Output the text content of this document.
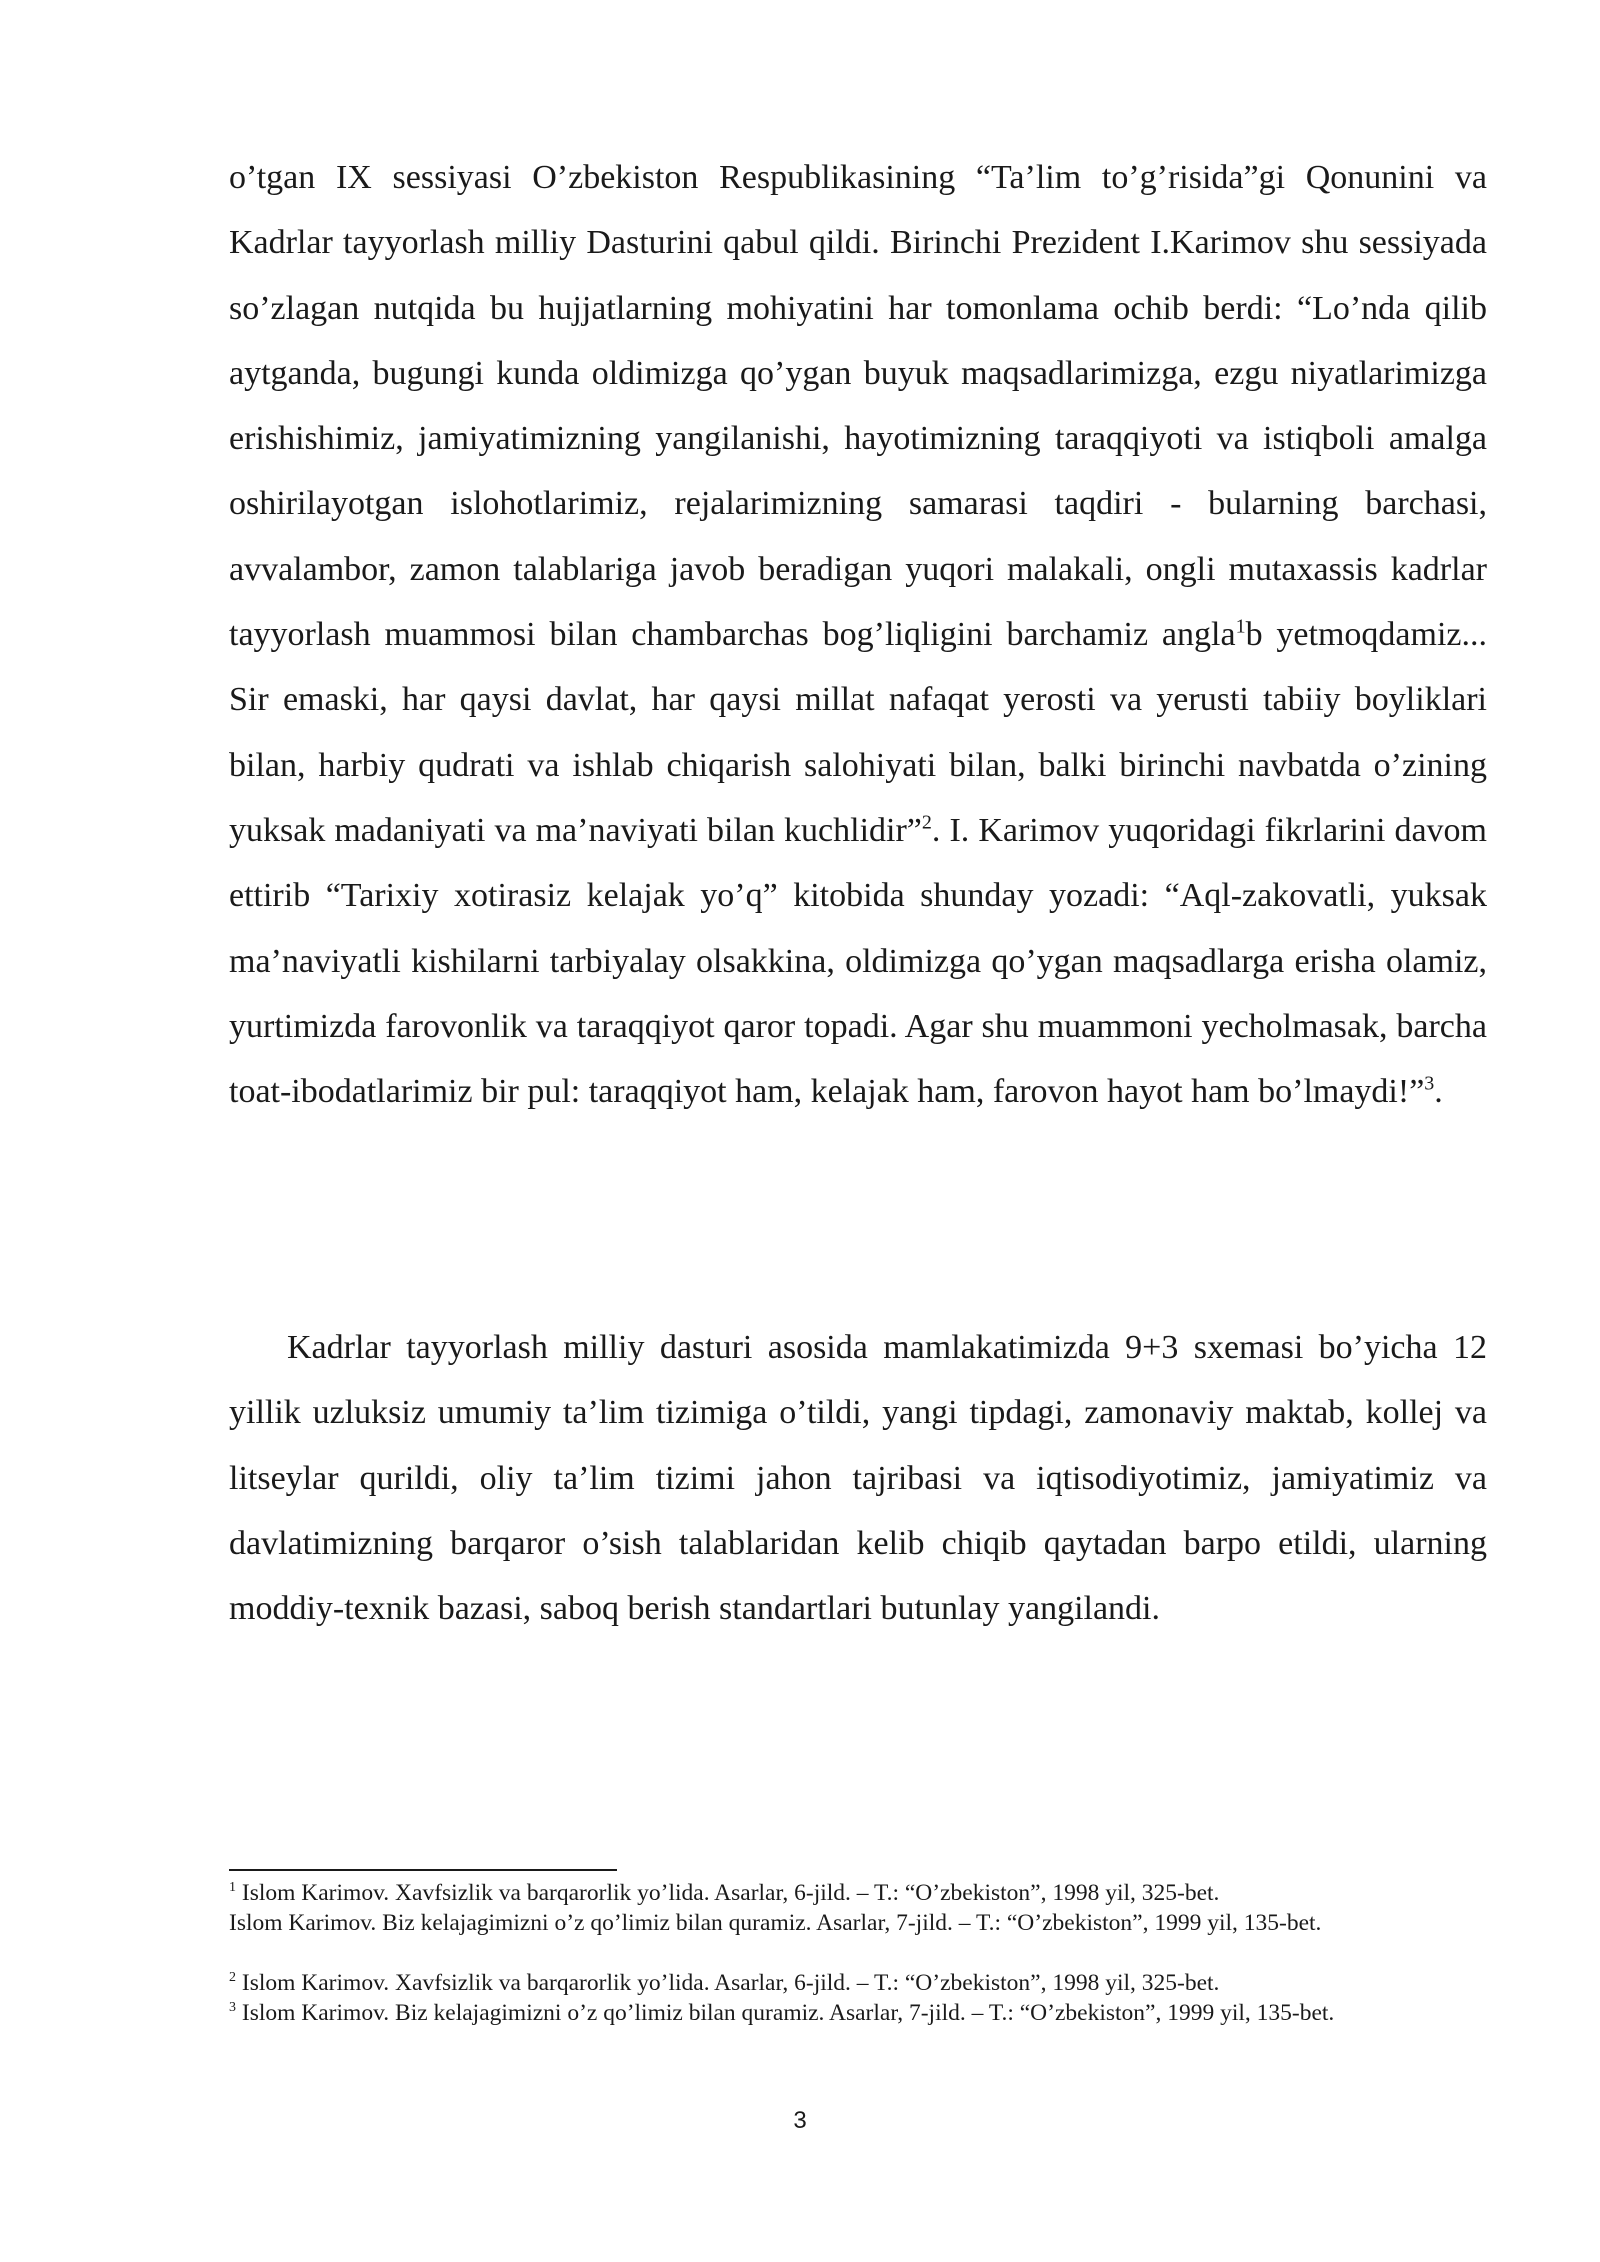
o’tgan IX sessiyasi O’zbekiston Respublikasining “Ta’lim to’g’risida”gi Qonunini va Kadrlar tayyorlash milliy Dasturini qabul qildi. Birinchi Prezident I.Karimov shu sessiyada so’zlagan nutqida bu hujjatlarning mohiyatini har tomonlama ochib berdi: “Lo’nda qilib aytganda, bugungi kunda oldimizga qo’ygan buyuk maqsadlarimizga, ezgu niyatlarimizga erishishimiz, jamiyatimizning yangilanishi, hayotimizning taraqqiyoti va istiqboli amalga oshirilayotgan islohotlarimiz, rejalarimizning samarasi taqdiri - bularning barchasi, avvalambor, zamon talablariga javob beradigan yuqori malakali, ongli mutaxassis kadrlar tayyorlash muammosi bilan chambarchas bog’liqligini barchamiz angla$^1$b yetmoqdamiz... Sir emaski, har qaysi davlat, har qaysi millat nafaqat yerosti va yerusti tabiiy boyliklari bilan, harbiy qudrati va ishlab chiqarish salohiyati bilan, balki birinchi navbatda o’zining yuksak madaniyati va ma’naviyati bilan kuchlidir”$^2$. I. Karimov yuqoridagi fikrlarini davom ettirib “Tarixiy xotirasiz kelajak yo’q” kitobida shunday yozadi: “Aql-zakovatli, yuksak ma’naviyatli kishilarni tarbiyalay olsakkina, oldimizga qo’ygan maqsadlarga erisha olamiz, yurtimizda farovonlik va taraqqiyot qaror topadi. Agar shu muammoni yecholmasak, barcha toat-ibodatlarimiz bir pul: taraqqiyot ham, kelajak ham, farovon hayot ham bo’lmaydi!”$^3$.

Kadrlar tayyorlash milliy dasturi asosida mamlakatimizda 9+3 sxemasi bo’yicha 12 yillik uzluksiz umumiy ta’lim tizimiga o’tildi, yangi tipdagi, zamonaviy maktab, kollej va litseylar qurildi, oliy ta’lim tizimi jahon tajribasi va iqtisodiyotimiz, jamiyatimiz va davlatimizning barqaror o’sish talablaridan kelib chiqib qaytadan barpo etildi, ularning moddiy-texnik bazasi, saboq berish standartlari butunlay yangilandi.

$^1$ Islom Karimov. Xavfsizlik va barqarorlik yo’lida. Asarlar, 6-jild. – T.: “O’zbekiston”, 1998 yil, 325-bet.

Islom Karimov. Biz kelajagimizni o’z qo’limiz bilan quramiz. Asarlar, 7-jild. – T.: “O’zbekiston”, 1999 yil, 135-bet.

$^2$ Islom Karimov. Xavfsizlik va barqarorlik yo’lida. Asarlar, 6-jild. – T.: “O’zbekiston”, 1998 yil, 325-bet.

$^3$ Islom Karimov. Biz kelajagimizni o’z qo’limiz bilan quramiz. Asarlar, 7-jild. – T.: “O’zbekiston”, 1999 yil, 135-bet.

3
